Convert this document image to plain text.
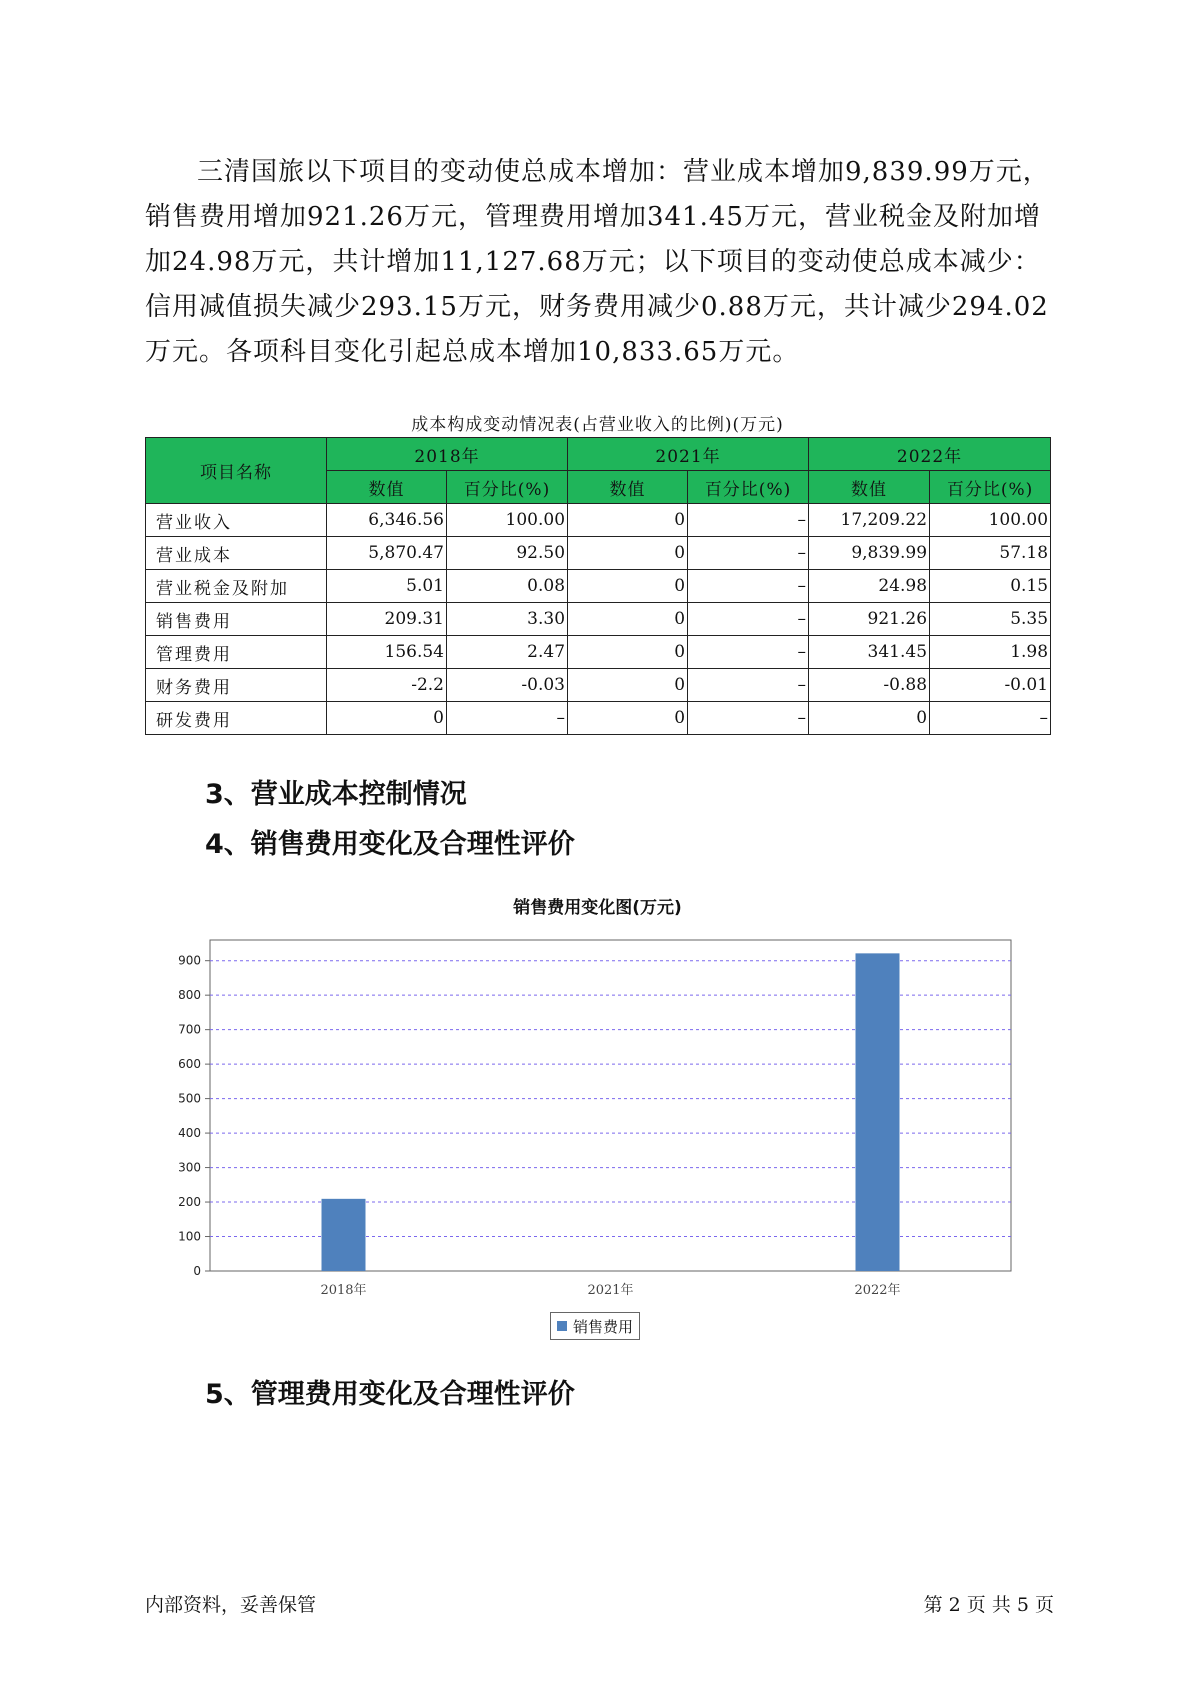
三清国旅以下项目的变动使总成本增加：营业成本增加9,839.99万元，销售费用增加921.26万元，管理费用增加341.45万元，营业税金及附加增加24.98万元，共计增加11,127.68万元；以下项目的变动使总成本减少：信用减值损失减少293.15万元，财务费用减少0.88万元，共计减少294.02万元。各项科目变化引起总成本增加10,833.65万元。

成本构成变动情况表(占营业收入的比例)(万元)
项目名称	2018年		2021年		2022年	
	数值	百分比(%)	数值	百分比(%)	数值	百分比(%)
营业收入	6,346.56	100.00	0	–	17,209.22	100.00
营业成本	5,870.47	92.50	0	–	9,839.99	57.18
营业税金及附加	5.01	0.08	0	–	24.98	0.15
销售费用	209.31	3.30	0	–	921.26	5.35
管理费用	156.54	2.47	0	–	341.45	1.98
财务费用	-2.2	-0.03	0	–	-0.88	-0.01
研发费用	0	–	0	–	0	–
3、营业成本控制情况
4、销售费用变化及合理性评价
销售费用变化图(万元)
0
100
200
300
400
500
600
700
800
900
2018年	2021年	2022年
销售费用
5、管理费用变化及合理性评价
内部资料，妥善保管	第 2 页 共 5 页
